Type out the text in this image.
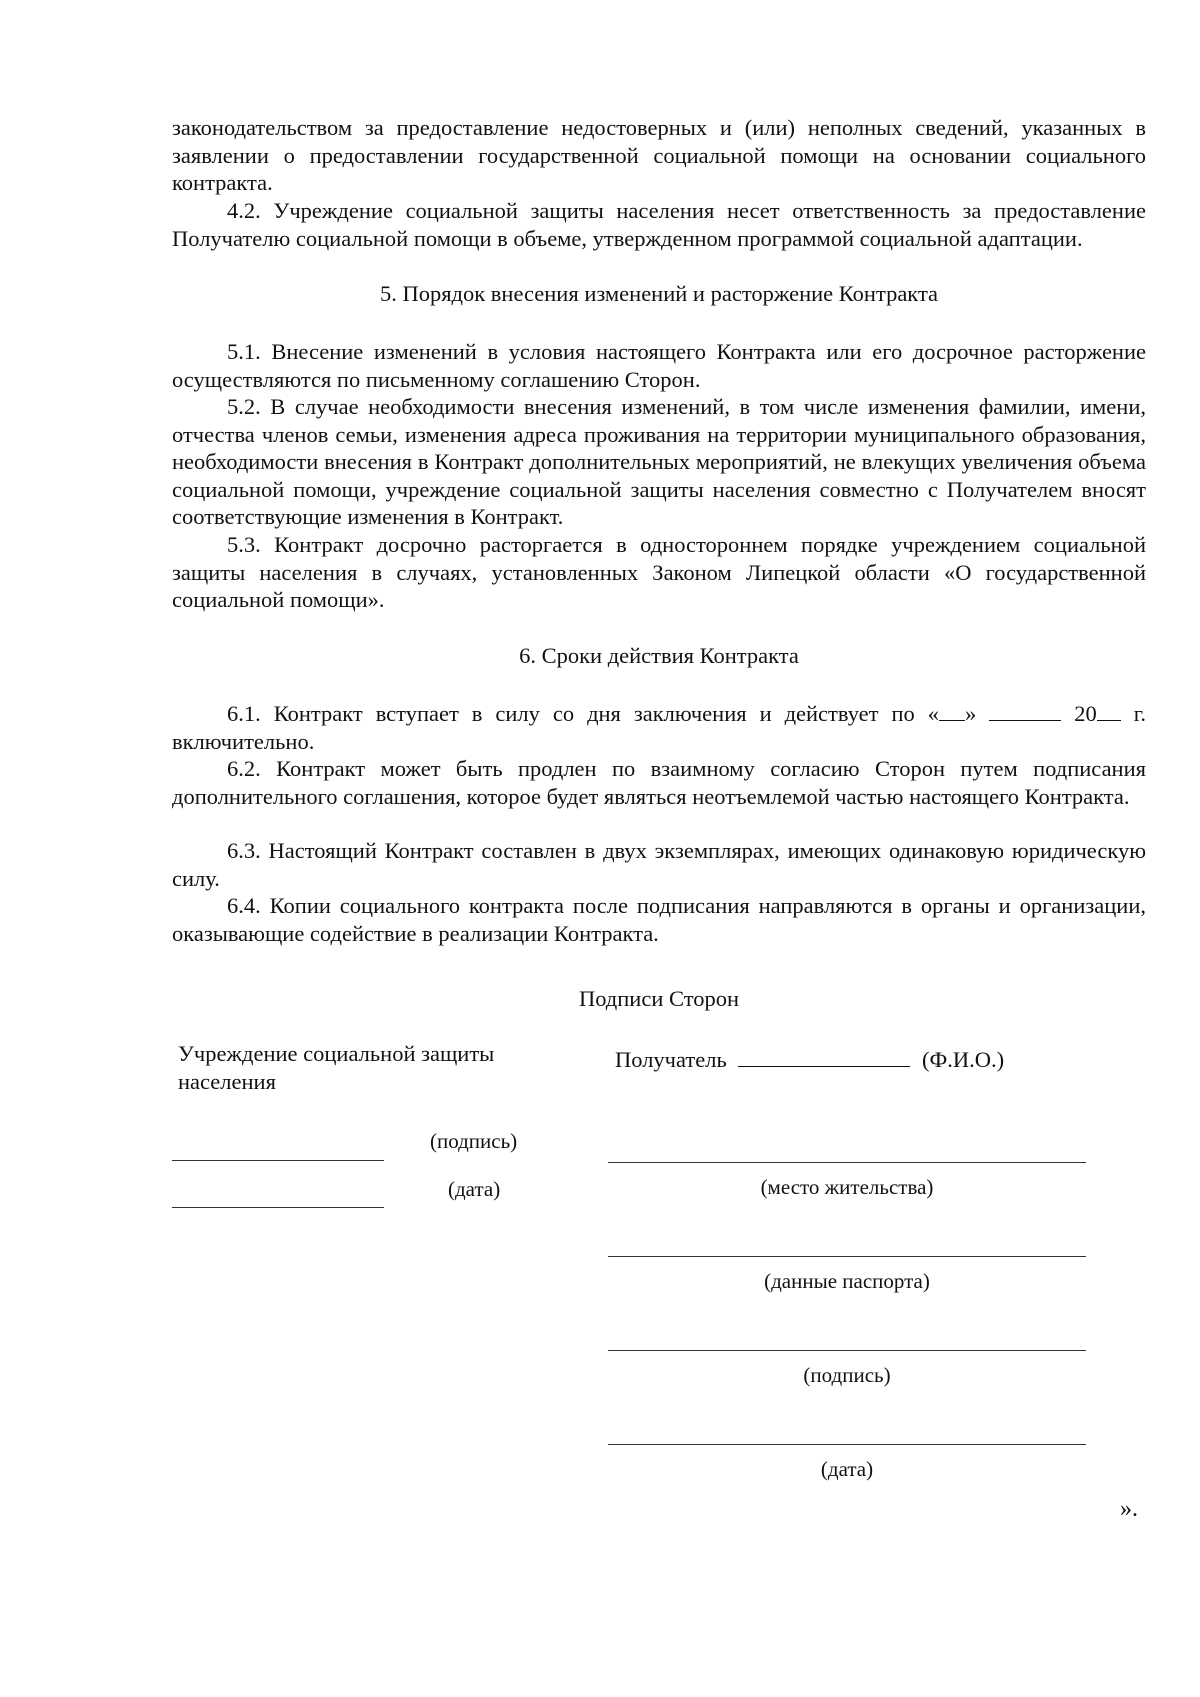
законодательством за предоставление недостоверных и (или) неполных сведений, указанных в заявлении о предоставлении государственной социальной помощи на основании социального контракта.

4.2. Учреждение социальной защиты населения несет ответственность за предоставление Получателю социальной помощи в объеме, утвержденном программой социальной адаптации.

5. Порядок внесения изменений и расторжение Контракта

5.1. Внесение изменений в условия настоящего Контракта или его досрочное расторжение осуществляются по письменному соглашению Сторон.

5.2. В случае необходимости внесения изменений, в том числе изменения фамилии, имени, отчества членов семьи, изменения адреса проживания на территории муниципального образования, необходимости внесения в Контракт дополнительных мероприятий, не влекущих увеличения объема социальной помощи, учреждение социальной защиты населения совместно с Получателем вносят соответствующие изменения в Контракт.

5.3. Контракт досрочно расторгается в одностороннем порядке учреждением социальной защиты населения в случаях, установленных Законом Липецкой области «О государственной социальной помощи».

6. Сроки действия Контракта

6.1. Контракт вступает в силу со дня заключения и действует по « »	20 г. включительно.

6.2. Контракт может быть продлен по взаимному согласию Сторон путем подписания дополнительного соглашения, которое будет являться неотъемлемой частью настоящего Контракта.

6.3. Настоящий Контракт составлен в двух экземплярах, имеющих одинаковую юридическую силу.

6.4. Копии социального контракта после подписания направляются в органы и организации, оказывающие содействие в реализации Контракта.

Подписи Сторон

Учреждение социальной защиты населения
(подпись)
(дата)
Получатель	(Ф.И.О.)
(место жительства)
(данные паспорта)
(подпись)
(дата)
».
